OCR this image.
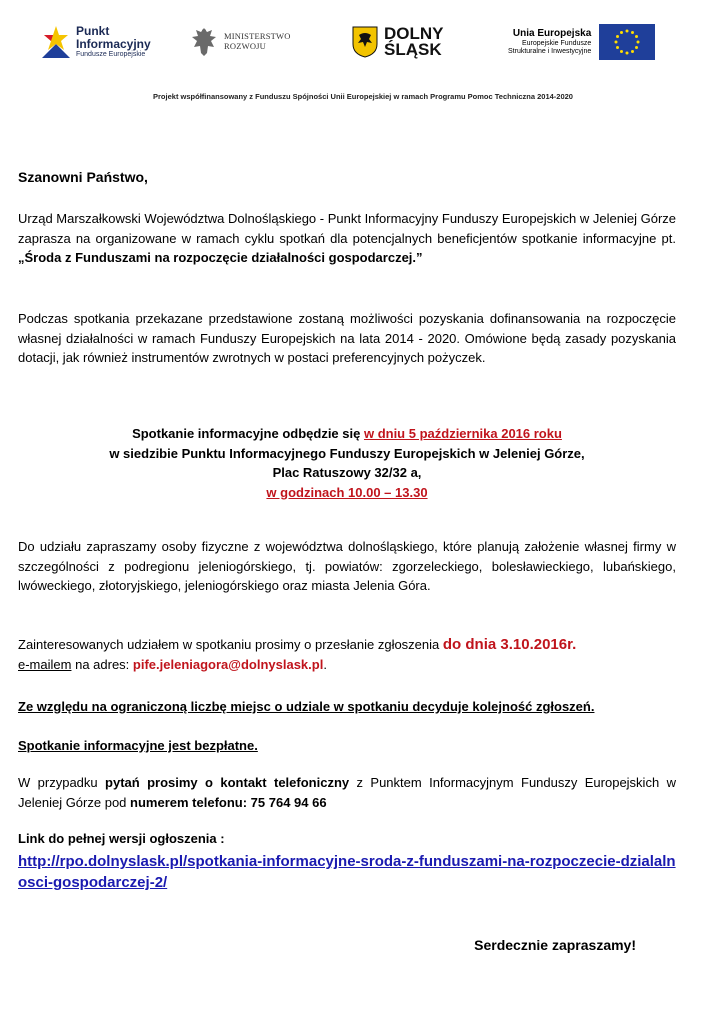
Punkt
Informacyjny
Fundusze Europejskie
MINISTERSTWO
ROZWOJU
DOLNY
ŚLĄSK
Unia Europejska
Europejskie Fundusze
Strukturalne i Inwestycyjne
Projekt współfinansowany z Funduszu Spójności Unii Europejskiej w ramach Programu Pomoc Techniczna 2014-2020

Szanowni Państwo,

Urząd Marszałkowski Województwa Dolnośląskiego - Punkt Informacyjny Funduszy Europejskich w Jeleniej Górze zaprasza na organizowane w ramach cyklu spotkań dla potencjalnych beneficjentów spotkanie informacyjne pt. „Środa z Funduszami na rozpoczęcie działalności gospodarczej.”

Podczas spotkania przekazane przedstawione zostaną możliwości pozyskania dofinansowania na rozpoczęcie własnej działalności w ramach Funduszy Europejskich na lata 2014 - 2020. Omówione będą zasady pozyskania dotacji, jak również instrumentów zwrotnych w postaci preferencyjnych pożyczek.

Spotkanie informacyjne odbędzie się w dniu 5 października 2016 roku
w siedzibie Punktu Informacyjnego Funduszy Europejskich w Jeleniej Górze,
Plac Ratuszowy 32/32 a,
w godzinach 10.00 – 13.30

Do udziału zapraszamy osoby fizyczne z województwa dolnośląskiego, które planują założenie własnej firmy w szczególności z podregionu jeleniogórskiego, tj. powiatów: zgorzeleckiego, bolesławieckiego, lubańskiego, lwóweckiego, złotoryjskiego, jeleniogórskiego oraz miasta Jelenia Góra.

Zainteresowanych udziałem w spotkaniu prosimy o przesłanie zgłoszenia do dnia 3.10.2016r.
e-mailem na adres: pife.jeleniagora@dolnyslask.pl.

Ze względu na ograniczoną liczbę miejsc o udziale w spotkaniu decyduje kolejność zgłoszeń.

Spotkanie informacyjne jest bezpłatne.

W przypadku pytań prosimy o kontakt telefoniczny z Punktem Informacyjnym Funduszy Europejskich w Jeleniej Górze pod numerem telefonu: 75 764 94 66

Link do pełnej wersji ogłoszenia :

http://rpo.dolnyslask.pl/spotkania-informacyjne-sroda-z-funduszami-na-rozpoczecie-dzialalnosci-gospodarczej-2/

Serdecznie zapraszamy!
